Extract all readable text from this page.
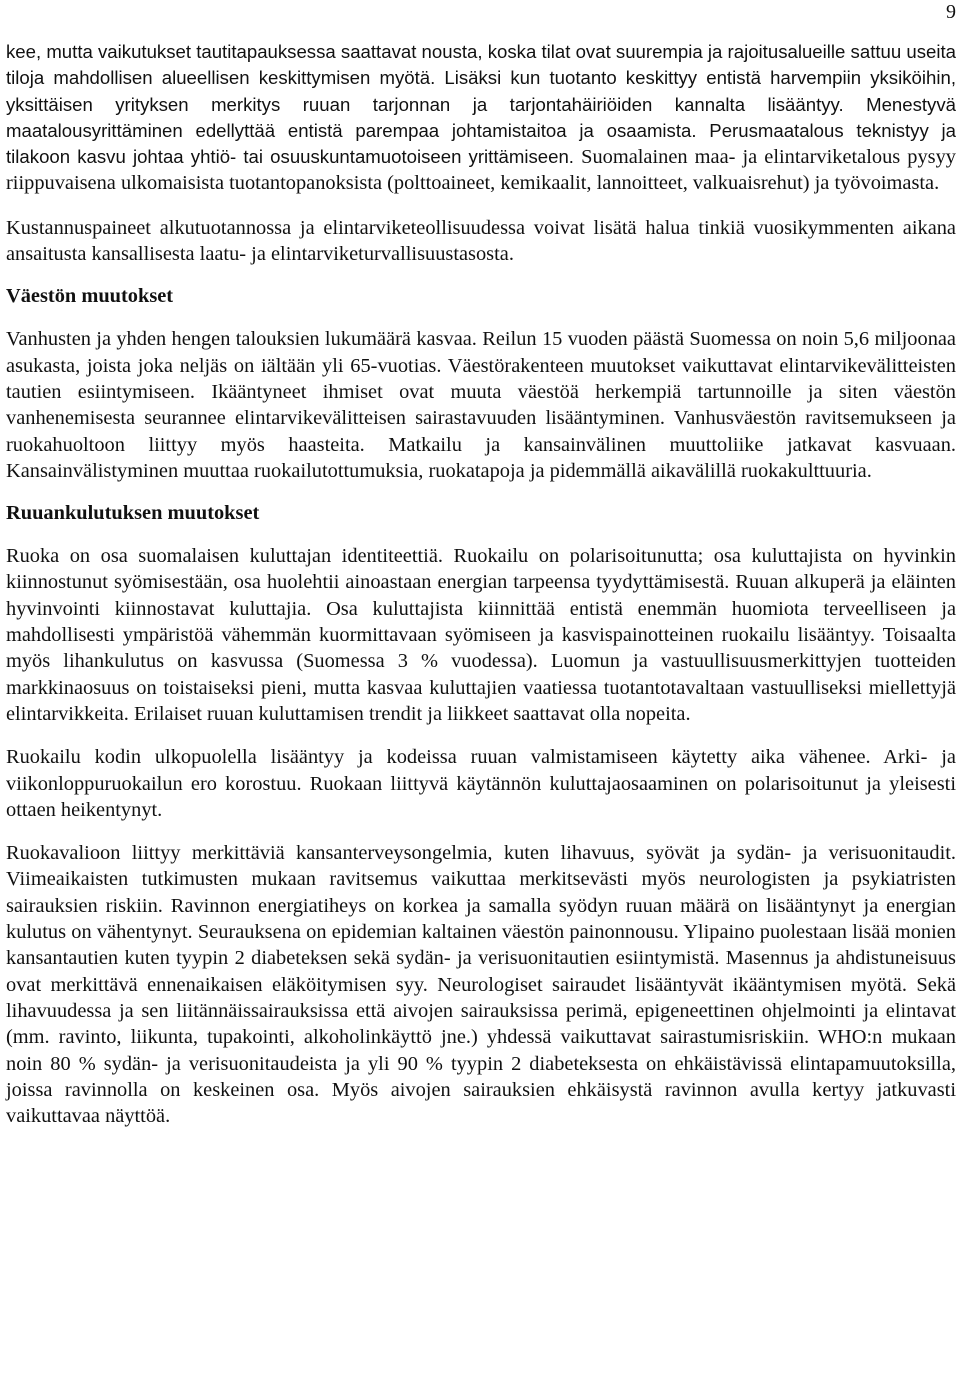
9

kee, mutta vaikutukset tautitapauksessa saattavat nousta, koska tilat ovat suurempia ja rajoitusalueille sattuu useita tiloja mahdollisen alueellisen keskittymisen myötä. Lisäksi kun tuotanto keskittyy entistä harvempiin yksiköihin, yksittäisen yrityksen merkitys ruuan tarjonnan ja tarjontahäiriöiden kannalta lisääntyy. Menestyvä maatalousyrittäminen edellyttää entistä parempaa johtamistaitoa ja osaamista. Perusmaatalous teknistyy ja tilakoon kasvu johtaa yhtiö- tai osuuskuntamuotoiseen yrittämiseen. Suomalainen maa- ja elintarviketalous pysyy riippuvaisena ulkomaisista tuotantopanoksista (polttoaineet, kemikaalit, lannoitteet, valkuaisrehut) ja työvoimasta.

Kustannuspaineet alkutuotannossa ja elintarviketeollisuudessa voivat lisätä halua tinkiä vuosikymmenten aikana ansaitusta kansallisesta laatu- ja elintarviketurvallisuustasosta.

Väestön muutokset

Vanhusten ja yhden hengen talouksien lukumäärä kasvaa. Reilun 15 vuoden päästä Suomessa on noin 5,6 miljoonaa asukasta, joista joka neljäs on iältään yli 65-vuotias. Väestörakenteen muutokset vaikuttavat elintarvikevälitteisten tautien esiintymiseen. Ikääntyneet ihmiset ovat muuta väestöä herkempiä tartunnoille ja siten väestön vanhenemisesta seurannee elintarvikevälitteisen sairastavuuden lisääntyminen. Vanhusväestön ravitsemukseen ja ruokahuoltoon liittyy myös haasteita. Matkailu ja kansainvälinen muuttoliike jatkavat kasvuaan. Kansainvälistyminen muuttaa ruokailutottumuksia, ruokatapoja ja pidemmällä aikavälillä ruokakulttuuria.

Ruuankulutuksen muutokset

Ruoka on osa suomalaisen kuluttajan identiteettiä. Ruokailu on polarisoitunutta; osa kuluttajista on hyvinkin kiinnostunut syömisestään, osa huolehtii ainoastaan energian tarpeensa tyydyttämisestä. Ruuan alkuperä ja eläinten hyvinvointi kiinnostavat kuluttajia. Osa kuluttajista kiinnittää entistä enemmän huomiota terveelliseen ja mahdollisesti ympäristöä vähemmän kuormittavaan syömiseen ja kasvispainotteinen ruokailu lisääntyy. Toisaalta myös lihankulutus on kasvussa (Suomessa 3 % vuodessa). Luomun ja vastuullisuusmerkittyjen tuotteiden markkinaosuus on toistaiseksi pieni, mutta kasvaa kuluttajien vaatiessa tuotantotavaltaan vastuulliseksi miellettyjä elintarvikkeita. Erilaiset ruuan kuluttamisen trendit ja liikkeet saattavat olla nopeita.

Ruokailu kodin ulkopuolella lisääntyy ja kodeissa ruuan valmistamiseen käytetty aika vähenee. Arki- ja viikonloppuruokailun ero korostuu. Ruokaan liittyvä käytännön kuluttajaosaaminen on polarisoitunut ja yleisesti ottaen heikentynyt.

Ruokavalioon liittyy merkittäviä kansanterveysongelmia, kuten lihavuus, syövät ja sydän- ja verisuonitaudit. Viimeaikaisten tutkimusten mukaan ravitsemus vaikuttaa merkitsevästi myös neurologisten ja psykiatristen sairauksien riskiin. Ravinnon energiatiheys on korkea ja samalla syödyn ruuan määrä on lisääntynyt ja energian kulutus on vähentynyt. Seurauksena on epidemian kaltainen väestön painonnousu. Ylipaino puolestaan lisää monien kansantautien kuten tyypin 2 diabeteksen sekä sydän- ja verisuonitautien esiintymistä. Masennus ja ahdistuneisuus ovat merkittävä ennenaikaisen eläköitymisen syy. Neurologiset sairaudet lisääntyvät ikääntymisen myötä. Sekä lihavuudessa ja sen liitännäissairauksissa että aivojen sairauksissa perimä, epigeneettinen ohjelmointi ja elintavat (mm. ravinto, liikunta, tupakointi, alkoholinkäyttö jne.) yhdessä vaikuttavat sairastumisriskiin. WHO:n mukaan noin 80 % sydän- ja verisuonitaudeista ja yli 90 % tyypin 2 diabeteksesta on ehkäistävissä elintapamuutoksilla, joissa ravinnolla on keskeinen osa. Myös aivojen sairauksien ehkäisystä ravinnon avulla kertyy jatkuvasti vaikuttavaa näyttöä.
